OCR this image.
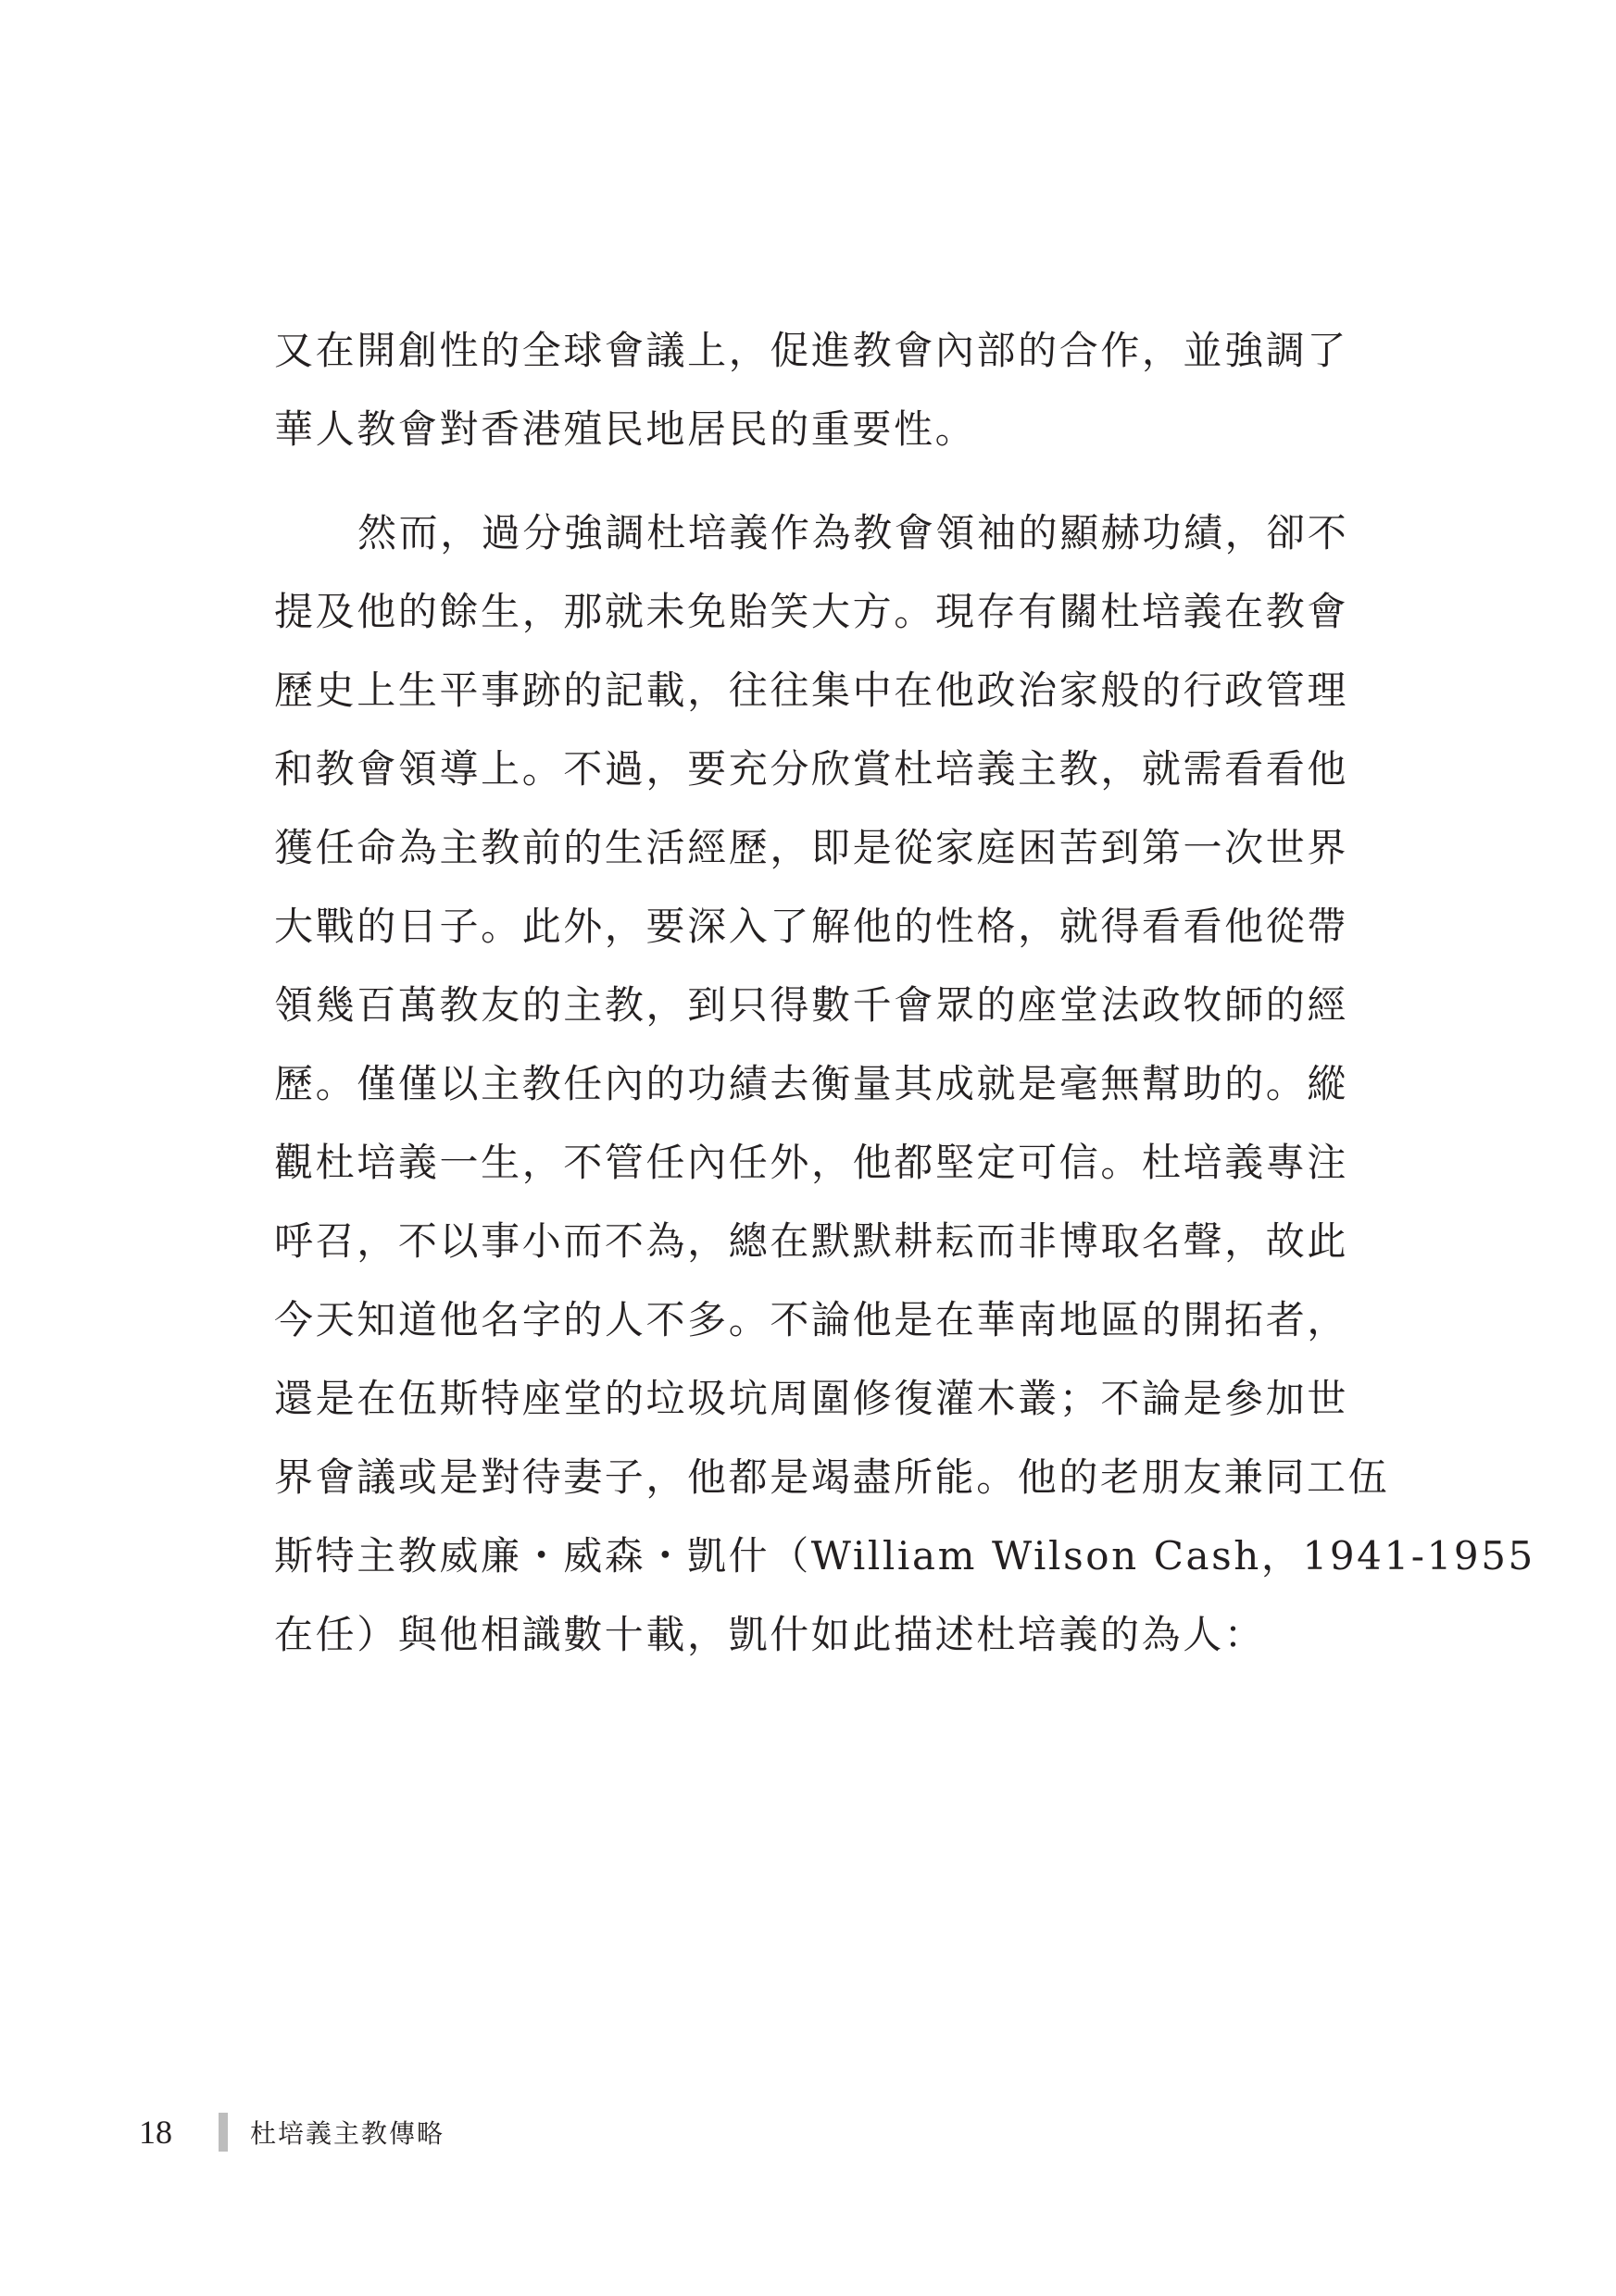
又在開創性的全球會議上，促進教會內部的合作，並強調了
華人教會對香港殖民地居民的重要性。
然而，過分強調杜培義作為教會領袖的顯赫功績，卻不
提及他的餘生，那就未免貽笑大方。現存有關杜培義在教會
歷史上生平事跡的記載，往往集中在他政治家般的行政管理
和教會領導上。不過，要充分欣賞杜培義主教，就需看看他
獲任命為主教前的生活經歷，即是從家庭困苦到第一次世界
大戰的日子。此外，要深入了解他的性格，就得看看他從帶
領幾百萬教友的主教，到只得數千會眾的座堂法政牧師的經
歷。僅僅以主教任內的功績去衡量其成就是毫無幫助的。縱
觀杜培義一生，不管任內任外，他都堅定可信。杜培義專注
呼召，不以事小而不為，總在默默耕耘而非博取名聲，故此
今天知道他名字的人不多。不論他是在華南地區的開拓者，
還是在伍斯特座堂的垃圾坑周圍修復灌木叢；不論是參加世
界會議或是對待妻子，他都是竭盡所能。他的老朋友兼同工伍
斯特主教威廉・威森・凱什（William Wilson Cash，1941-1955
在任）與他相識數十載，凱什如此描述杜培義的為人：
18	杜培義主教傳略
